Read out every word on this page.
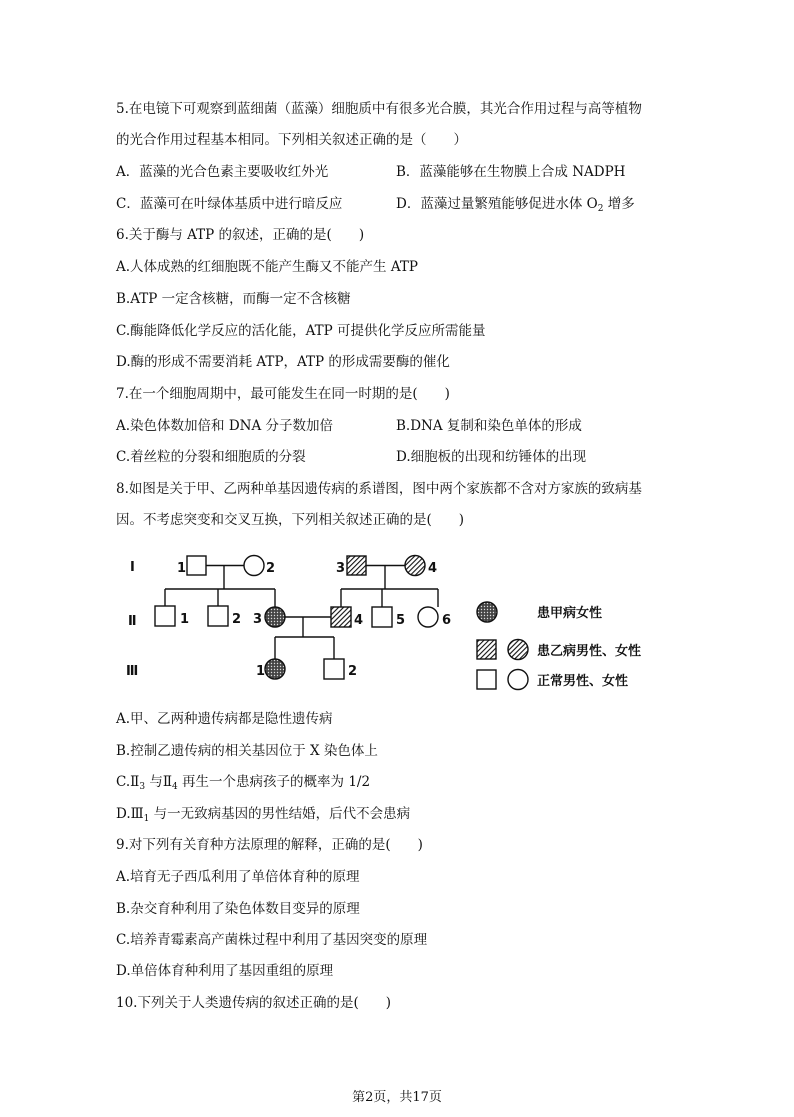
5.在电镜下可观察到蓝细菌（蓝藻）细胞质中有很多光合膜，其光合作用过程与高等植物
的光合作用过程基本相同。下列相关叙述正确的是（　　）
A．蓝藻的光合色素主要吸收红外光	B．蓝藻能够在生物膜上合成 NADPH
C．蓝藻可在叶绿体基质中进行暗反应	D．蓝藻过量繁殖能够促进水体 $O_2$ 增多
6.关于酶与 ATP 的叙述，正确的是(　　)
A.人体成熟的红细胞既不能产生酶又不能产生 ATP
B.ATP 一定含核糖，而酶一定不含核糖
C.酶能降低化学反应的活化能，ATP 可提供化学反应所需能量
D.酶的形成不需要消耗 ATP，ATP 的形成需要酶的催化
7.在一个细胞周期中，最可能发生在同一时期的是(　　)
A.染色体数加倍和 DNA 分子数加倍	B.DNA 复制和染色单体的形成
C.着丝粒的分裂和细胞质的分裂	D.细胞板的出现和纺锤体的出现
8.如图是关于甲、乙两种单基因遗传病的系谱图，图中两个家族都不含对方家族的致病基
因。不考虑突变和交叉互换，下列相关叙述正确的是(　　)
I
Ⅱ
Ⅲ
1	2
1	2 3
3	4
4	5	6
1	2
患甲病女性
患乙病男性、女性
正常男性、女性
A.甲、乙两种遗传病都是隐性遗传病
B.控制乙遗传病的相关基因位于 X 染色体上
$C.Ⅱ_3$ 与$Ⅱ_4$ 再生一个患病孩子的概率为 1/2
$D.Ⅲ_1$ 与一无致病基因的男性结婚，后代不会患病
9.对下列有关育种方法原理的解释，正确的是(　　)
A.培育无子西瓜利用了单倍体育种的原理
B.杂交育种利用了染色体数目变异的原理
C.培养青霉素高产菌株过程中利用了基因突变的原理
D.单倍体育种利用了基因重组的原理
10.下列关于人类遗传病的叙述正确的是(　　)
第2页，共17页
